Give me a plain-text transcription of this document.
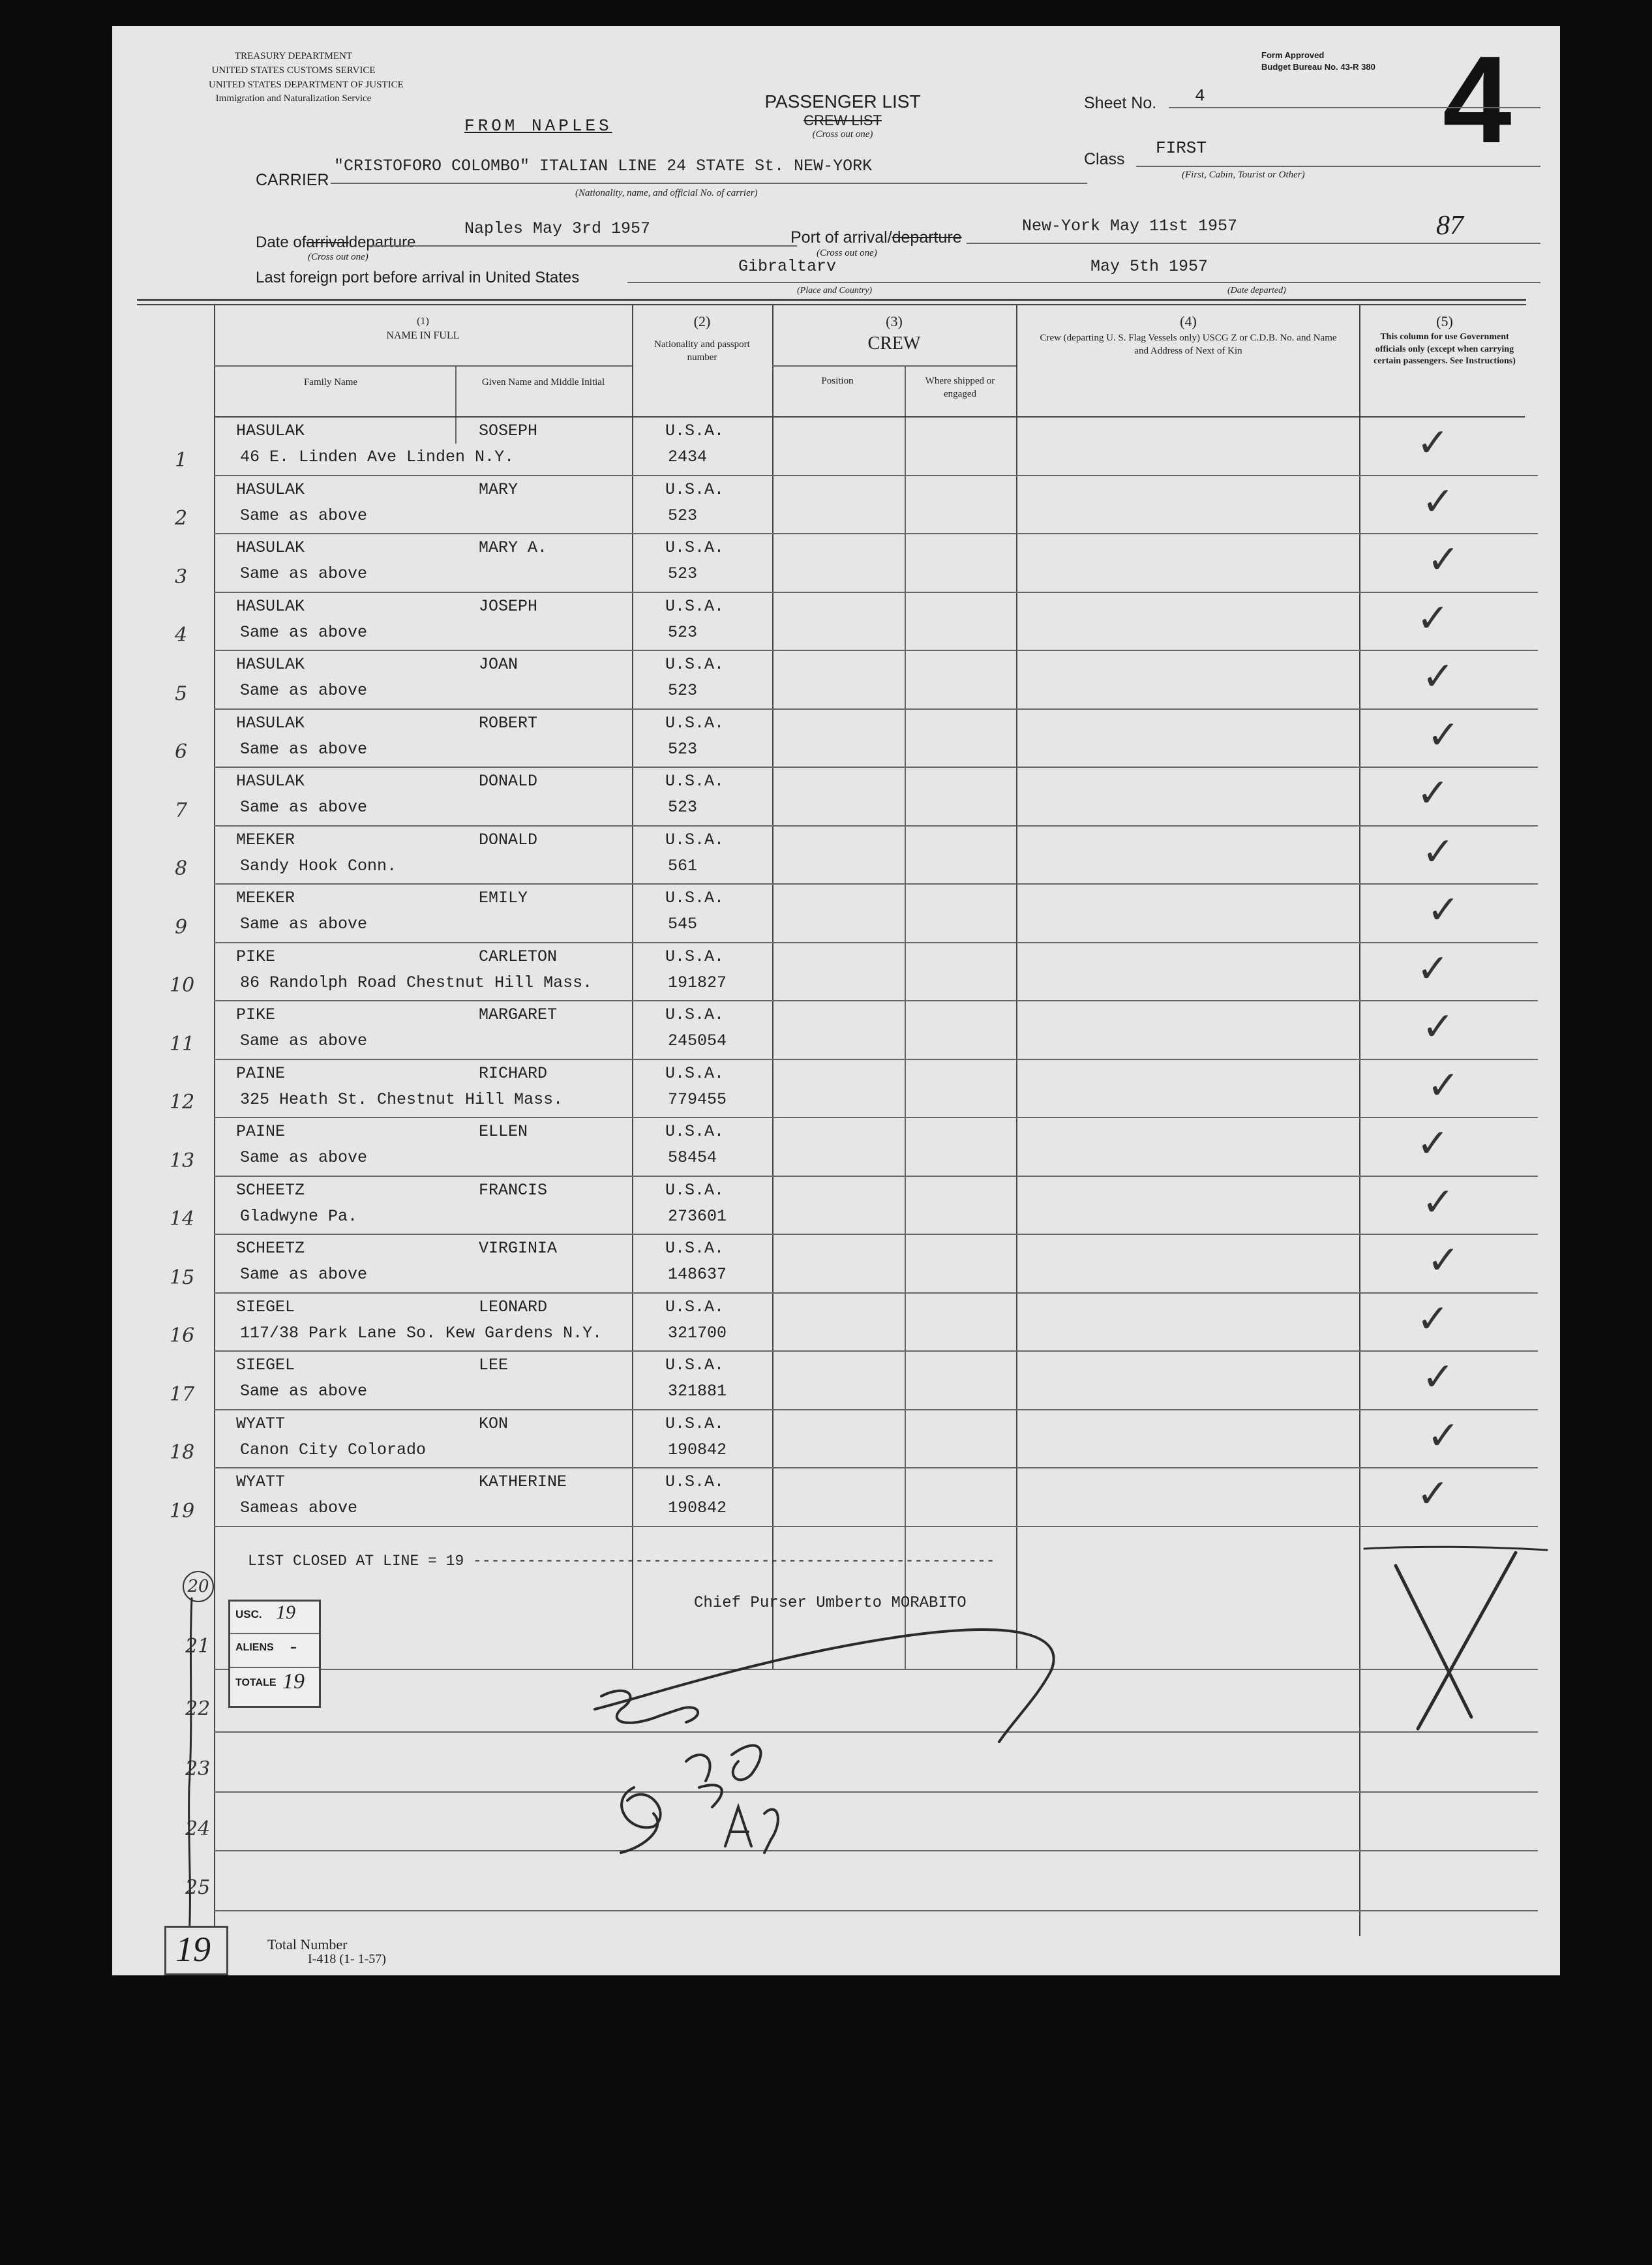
TREASURY DEPARTMENT
UNITED STATES CUSTOMS SERVICE
UNITED STATES DEPARTMENT OF JUSTICE
Immigration and Naturalization Service
Form Approved
Budget Bureau No. 43-R 380 4
FROM NAPLES
PASSENGER LIST
CREW LIST
(Cross out one)
Sheet No. 4
Class
FIRST
(First, Cabin, Tourist or Other)
CARRIER
"CRISTOFORO COLOMBO" ITALIAN LINE 24 STATE St. NEW-YORK
(Nationality, name, and official No. of carrier)
Date ofarrivaldeparture
(Cross out one)
Naples May 3rd 1957	Port of arrival/departure
(Cross out one)
New-York May 11st 1957	87
Last foreign port before arrival in United States
Gibraltarv	May 5th 1957
(Place and Country)	(Date departed)
(1)
NAME IN FULL
Family Name	Given Name and Middle Initial
(2)
Nationality and passport number
(3)
CREW
Position	Where shipped or engaged
(4)
Crew (departing U. S. Flag Vessels only) USCG Z or C.D.B. No. and Name and Address of Next of Kin
(5)
This column for use Government officials only (except when carrying certain passengers. See Instructions)
1
HASULAK	SOSEPH
46 E. Linden Ave Linden N.Y.
U.S.A.
2434	✓
2
HASULAK	MARY
Same as above
U.S.A.
523	✓
3
HASULAK	MARY A.
Same as above
U.S.A.
523	✓
4
HASULAK	JOSEPH
Same as above
U.S.A.
523	✓
5
HASULAK	JOAN
Same as above
U.S.A.
523	✓
6
HASULAK	ROBERT
Same as above
U.S.A.
523	✓
7
HASULAK	DONALD
Same as above
U.S.A.
523	✓
8
MEEKER	DONALD
Sandy Hook Conn.
U.S.A.
561	✓
9
MEEKER	EMILY
Same as above
U.S.A.
545	✓
10
PIKE	CARLETON
86 Randolph Road Chestnut Hill Mass.
U.S.A.
191827	✓
11
PIKE	MARGARET
Same as above
U.S.A.
245054	✓
12
PAINE	RICHARD
325 Heath St. Chestnut Hill Mass.
U.S.A.
779455	✓
13
PAINE	ELLEN
Same as above
U.S.A.
58454	✓
14
SCHEETZ	FRANCIS
Gladwyne Pa.
U.S.A.
273601	✓
15
SCHEETZ	VIRGINIA
Same as above
U.S.A.
148637	✓
16
SIEGEL	LEONARD
117/38 Park Lane So. Kew Gardens N.Y.
U.S.A.
321700	✓
17
SIEGEL	LEE
Same as above
U.S.A.
321881	✓
18
WYATT	KON
Canon City Colorado
U.S.A.
190842	✓
19
WYATT	KATHERINE
Sameas above
U.S.A.
190842	✓
LIST CLOSED AT LINE = 19 ----------------------------------------------------------
Chief Purser Umberto MORABITO
20
21
22
23
24
25
USC. 19
ALIENS -
TOTALE 19
19	Total Number
I-418 (1- 1-57)
